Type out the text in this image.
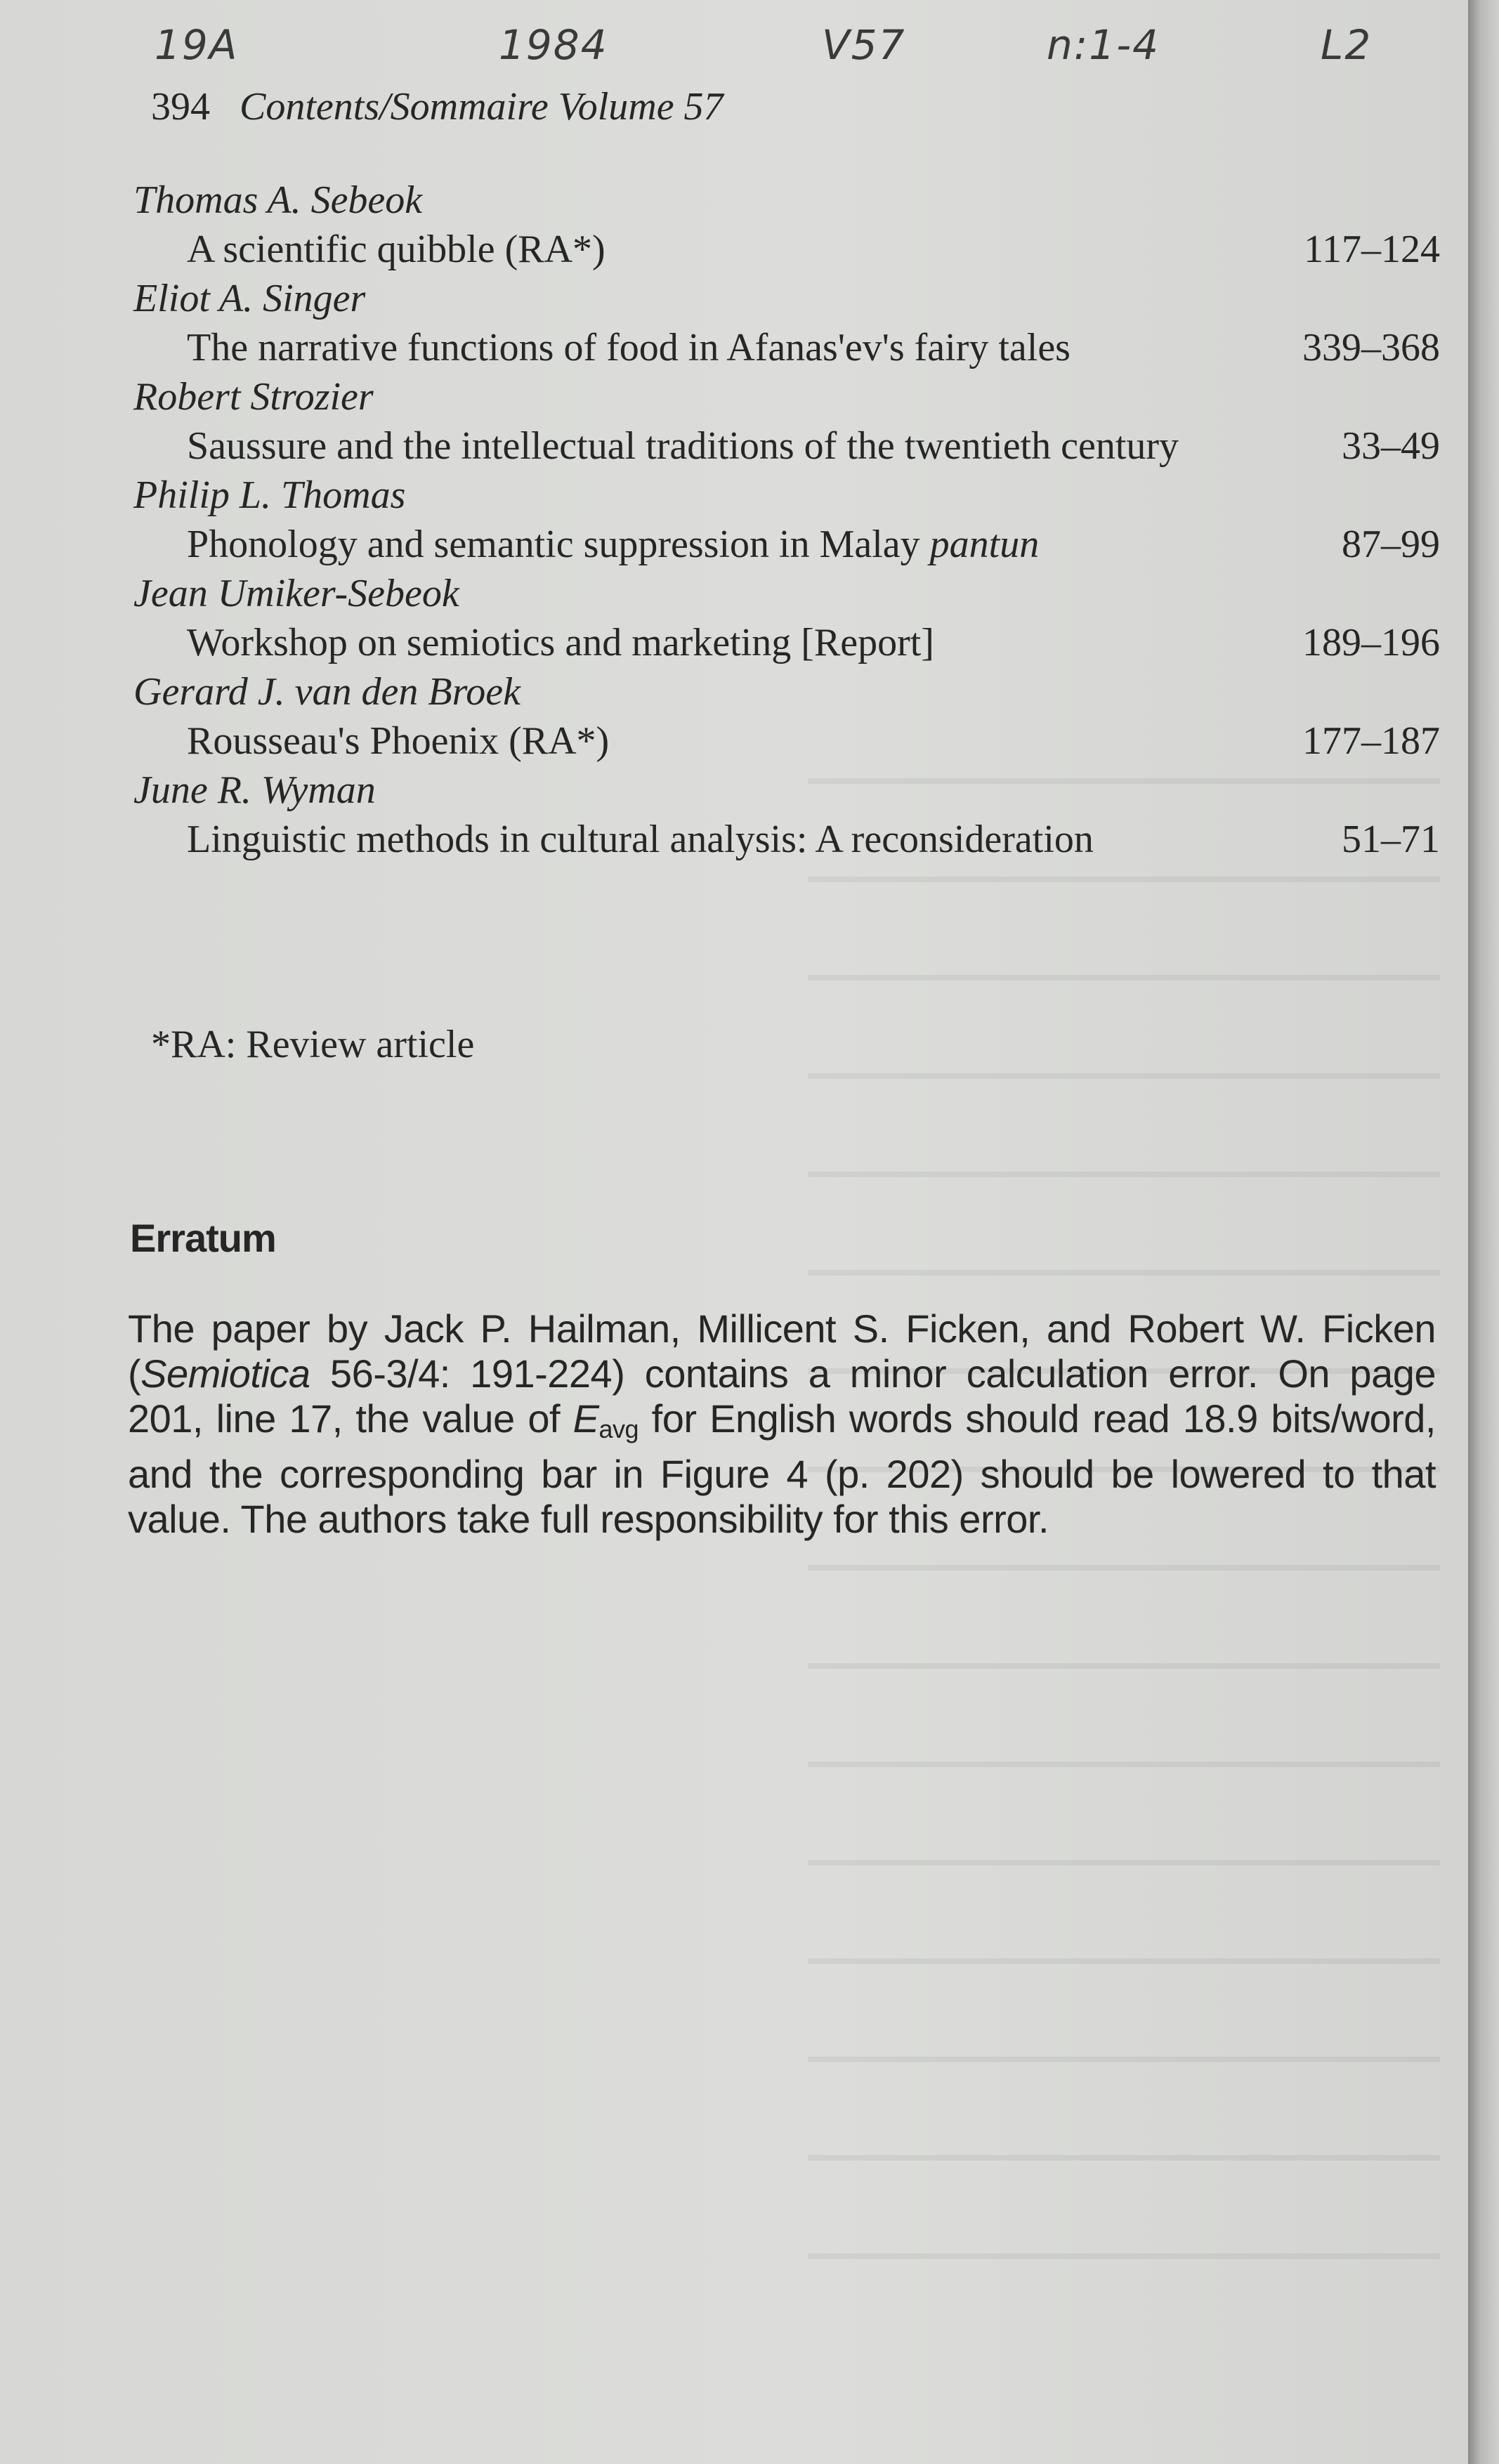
19A	1984	V57	n:1-4	L2
394 Contents/Sommaire Volume 57
Thomas A. Sebeok
A scientific quibble (RA*)	117–124
Eliot A. Singer
The narrative functions of food in Afanas'ev's fairy tales	339–368
Robert Strozier
Saussure and the intellectual traditions of the twentieth century	33–49
Philip L. Thomas
Phonology and semantic suppression in Malay pantun	87–99
Jean Umiker-Sebeok
Workshop on semiotics and marketing [Report]	189–196
Gerard J. van den Broek
Rousseau's Phoenix (RA*)	177–187
June R. Wyman
Linguistic methods in cultural analysis: A reconsideration	51–71
*RA: Review article
Erratum
The paper by Jack P. Hailman, Millicent S. Ficken, and Robert W. Ficken (Semiotica 56-3/4: 191-224) contains a minor calculation error. On page 201, line 17, the value of $E_{avg}$ for English words should read 18.9 bits/word, and the corresponding bar in Figure 4 (p. 202) should be lowered to that value. The authors take full responsibility for this error.
